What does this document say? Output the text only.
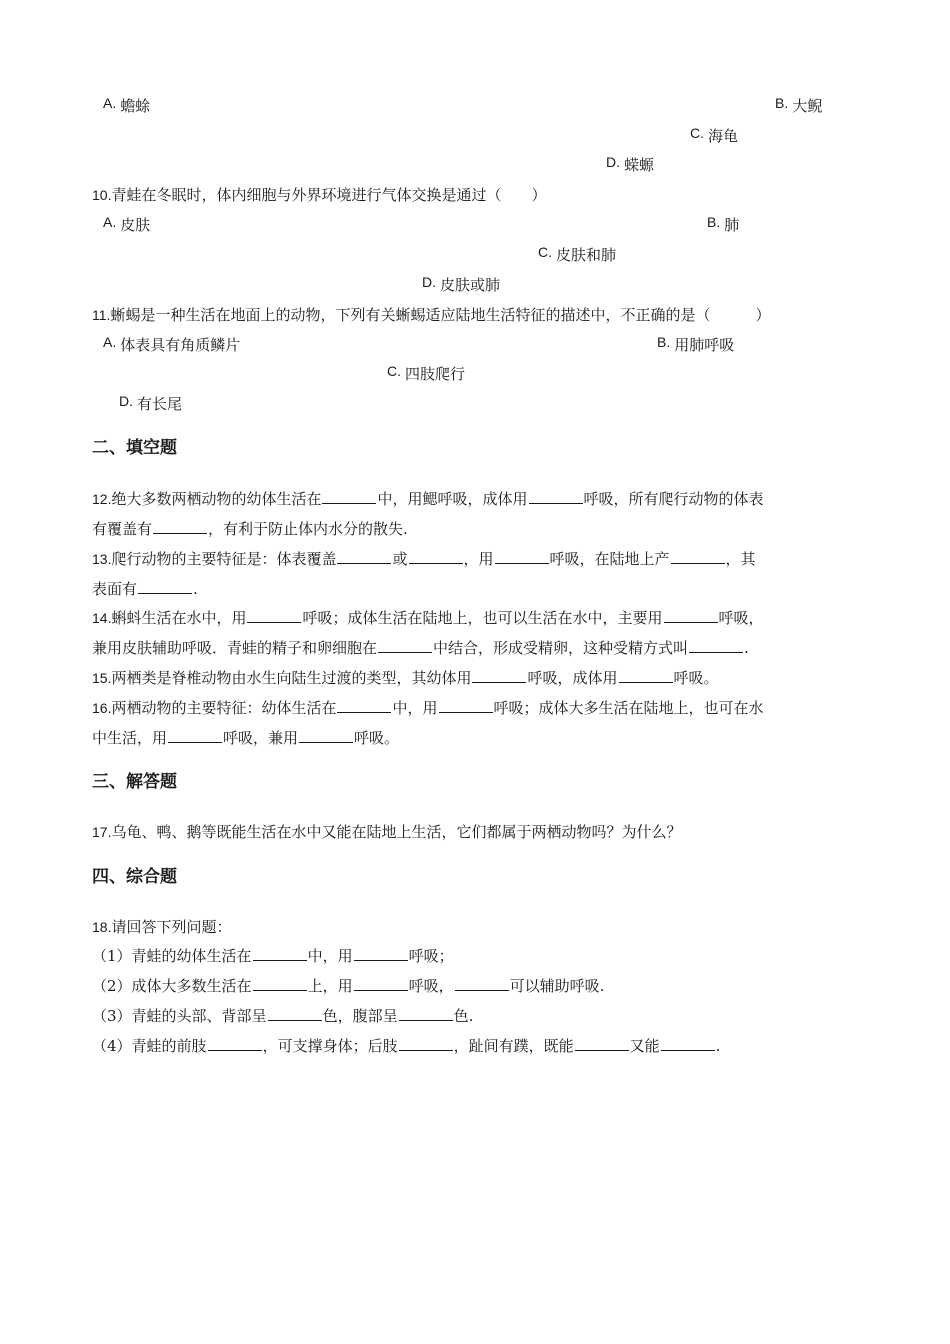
A. 蟾蜍	B. 大鲵
C. 海龟
D. 蝾螈
10.青蛙在冬眠时，体内细胞与外界环境进行气体交换是通过（　　）
A. 皮肤	B. 肺
C. 皮肤和肺
D. 皮肤或肺
11.蜥蜴是一种生活在地面上的动物，下列有关蜥蜴适应陆地生活特征的描述中，不正确的是（　　　）
A. 体表具有角质鳞片	B. 用肺呼吸
C. 四肢爬行
D. 有长尾
二、填空题
12.绝大多数两栖动物的幼体生活在	中，用鳃呼吸，成体用	呼吸，所有爬行动物的体表
有覆盖有	，有利于防止体内水分的散失.
13.爬行动物的主要特征是：体表覆盖	或	，用	呼吸，在陆地上产	，其
表面有	.
14.蝌蚪生活在水中，用	呼吸；成体生活在陆地上，也可以生活在水中，主要用	呼吸，
兼用皮肤辅助呼吸．青蛙的精子和卵细胞在	中结合，形成受精卵，这种受精方式叫	.
15.两栖类是脊椎动物由水生向陆生过渡的类型，其幼体用	呼吸，成体用	呼吸。
16.两栖动物的主要特征：幼体生活在	中，用	呼吸；成体大多生活在陆地上，也可在水
中生活，用	呼吸，兼用	呼吸。
三、解答题
17.乌龟、鸭、鹅等既能生活在水中又能在陆地上生活，它们都属于两栖动物吗？为什么？
四、综合题
18.请回答下列问题：
（1）青蛙的幼体生活在	中，用	呼吸；
（2）成体大多数生活在	上，用	呼吸，	可以辅助呼吸.
（3）青蛙的头部、背部呈	色，腹部呈	色.
（4）青蛙的前肢	，可支撑身体；后肢	，趾间有蹼，既能	又能	.
